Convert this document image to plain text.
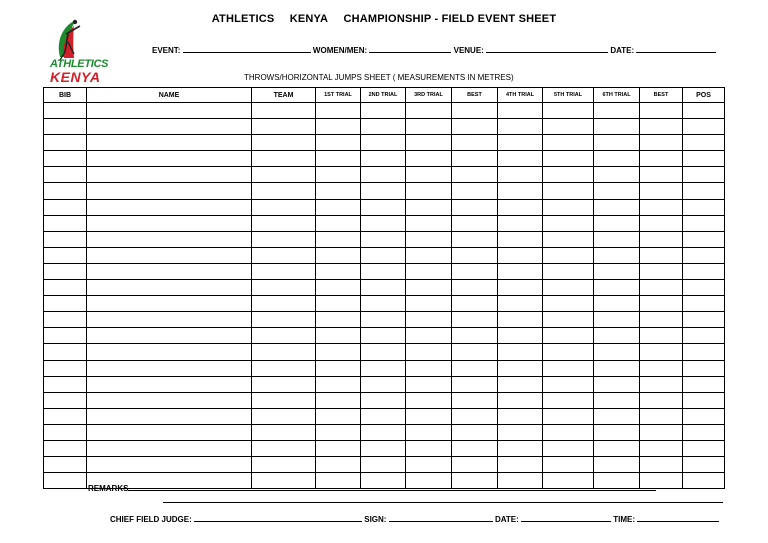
ATHLETICS KENYA CHAMPIONSHIP - FIELD EVENT SHEET
ATHLETICS
KENYA
EVENT:	WOMEN/MEN:	VENUE:	DATE:
THROWS/HORIZONTAL JUMPS SHEET ( MEASUREMENTS IN METRES)
BIB	NAME	TEAM	1ST TRIAL	2ND TRIAL	3RD TRIAL	BEST	4TH TRIAL	5TH TRIAL	6TH TRIAL	BEST	POS

REMARKS
CHIEF FIELD JUDGE:	SIGN:	DATE:	TIME:
